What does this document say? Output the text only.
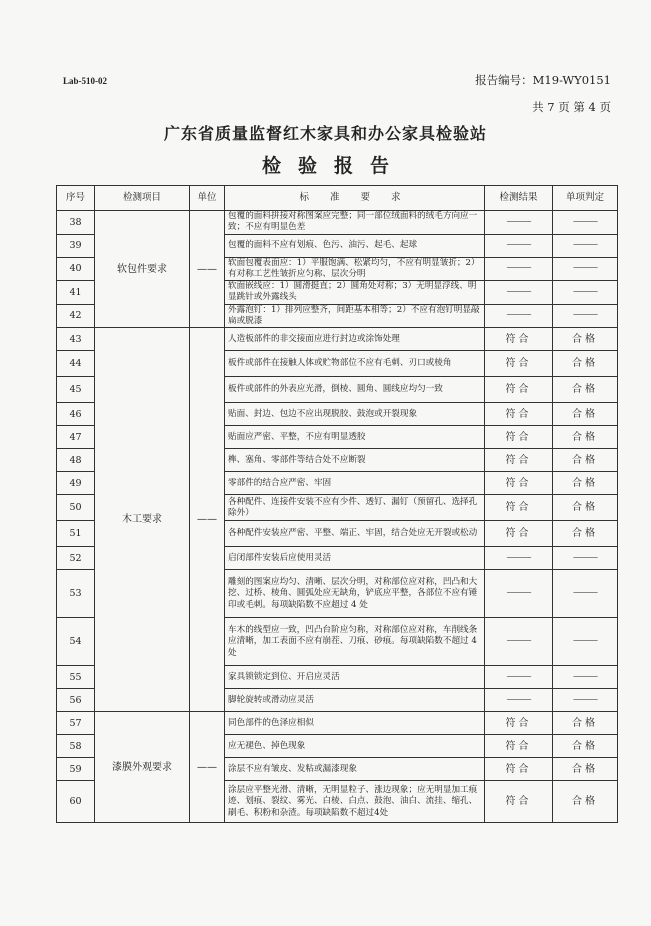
Lab-510-02	报告编号：M19-WY0151
共 7 页 第 4 页
广东省质量监督红木家具和办公家具检验站
检验报告
序号	检测项目	单位	标 准 要 求	检测结果	单项判定
38	软包件要求	——	包覆的面料拼接对称图案应完整；同一部位绒面料的绒毛方向应一致；不应有明显色差	———	———
39			包覆的面料不应有划痕、色污、油污、起毛、起球	———	———
40			软面包覆表面应：1）平服饱满、松紧均匀，不应有明显皱折；2）有对称工艺性皱折应匀称、层次分明	———	———
41			软面嵌线应：1）圆滑挺直；2）圆角处对称；3）无明显浮线、明显跳针或外露线头	———	———
42			外露泡钉：1）排列应整齐，间距基本相等；2）不应有泡钉明显敲扁或脱漆	———	———
43	木工要求	——	人造板部件的非交接面应进行封边或涂饰处理	符合	合格
44			板件或部件在接触人体或贮物部位不应有毛刺、刃口或棱角	符合	合格
45			板件或部件的外表应光滑，倒棱、圆角、圆线应均匀一致	符合	合格
46			贴面、封边、包边不应出现脱胶、鼓泡或开裂现象	符合	合格
47			贴面应严密、平整，不应有明显透胶	符合	合格
48			榫、塞角、零部件等结合处不应断裂	符合	合格
49			零部件的结合应严密、牢固	符合	合格
50			各种配件、连接件安装不应有少件、透钉、漏钉（预留孔、选择孔除外）	符合	合格
51			各种配件安装应严密、平整、端正、牢固，结合处应无开裂或松动	符合	合格
52			启闭部件安装后应使用灵活	———	———
53			雕刻的图案应均匀、清晰、层次分明，对称部位应对称，凹凸和大挖、过桥、棱角、圆弧处应无缺角，铲底应平整，各部位不应有锤印或毛刺。每项缺陷数不应超过 4 处	———	———
54			车木的线型应一致，凹凸台阶应匀称，对称部位应对称，车削线条应清晰，加工表面不应有崩茬、刀痕、砂痕。每项缺陷数不超过 4 处	———	———
55			家具锁锁定到位、开启应灵活	———	———
56			脚轮旋转或滑动应灵活	———	———
57	漆膜外观要求	——	同色部件的色泽应相似	符合	合格
58			应无褪色、掉色现象	符合	合格
59			涂层不应有皱皮、发粘或漏漆现象	符合	合格
60			涂层应平整光滑、清晰，无明显粒子、涨边现象；应无明显加工痕迹、划痕、裂纹、雾光、白棱、白点、鼓泡、油白、流挂、缩孔、刷毛、积粉和杂渣。每项缺陷数不超过4处	符合	合格
